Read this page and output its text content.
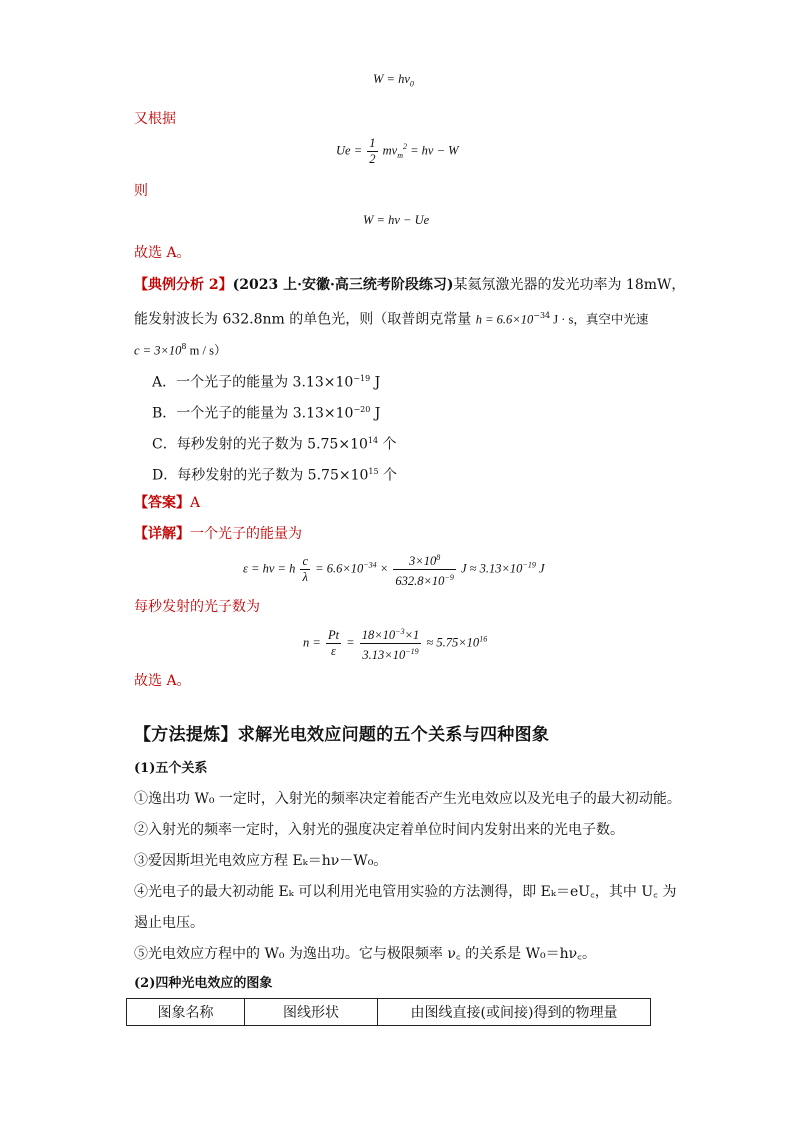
$W = h\nu_0$
又根据
$Ue = \frac{1}{2} mv_m^2 = h\nu - W$
则
W = hν − Ue
故选 A。
【典例分析 2】(2023 上·安徽·高三统考阶段练习)某氦氖激光器的发光功率为 18mW，
能发射波长为 632.8nm 的单色光，则（取普朗克常量 $h = 6.6\times 10^{-34}$ J · s，真空中光速
$c = 3\times 10^8$ m / s）
A．一个光子的能量为 $3.13\times 10^{-19}$ J
B．一个光子的能量为 $3.13\times 10^{-20}$ J
C．每秒发射的光子数为 $5.75\times 10^{14}$ 个
D．每秒发射的光子数为 $5.75\times 10^{15}$ 个
【答案】A
【详解】一个光子的能量为
ε = hν = h $\frac{c}{\lambda} = 6.6\times 10^{-34} \times \frac{3\times 10^8}{632.8\times 10^{-9}}$ $J \approx 3.13\times 10^{-19}$ J
每秒发射的光子数为
$n = \frac{Pt}{\varepsilon} = \frac{18\times 10^{-3}\times 1}{3.13\times 10^{-19}} \approx 5.75\times 10^{16}$
故选 A。
【方法提炼】求解光电效应问题的五个关系与四种图象
(1)五个关系
①逸出功 W₀ 一定时，入射光的频率决定着能否产生光电效应以及光电子的最大初动能。
②入射光的频率一定时，入射光的强度决定着单位时间内发射出来的光电子数。
③爱因斯坦光电效应方程 Eₖ＝hν－W₀。
④光电子的最大初动能 Eₖ 可以利用光电管用实验的方法测得，即 Eₖ＝eU꜀，其中 U꜀ 为
遏止电压。
⑤光电效应方程中的 W₀ 为逸出功。它与极限频率 ν꜀ 的关系是 W₀＝hν꜀。
(2)四种光电效应的图象
图象名称	图线形状	由图线直接(或间接)得到的物理量
